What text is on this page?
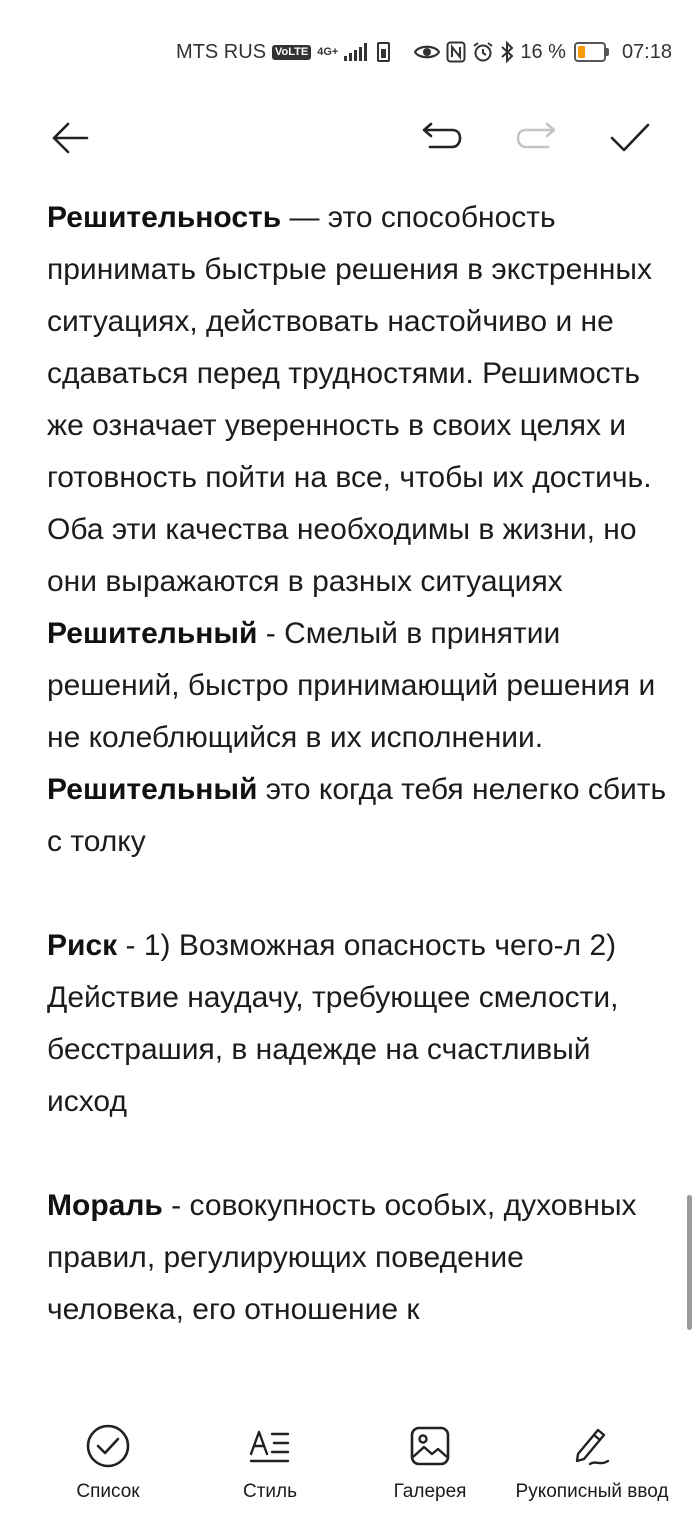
MTS RUS VoLTE 4G+	16 %	07:18

Решительность — это способность принимать быстрые решения в экстренных ситуациях, действовать настойчиво и не сдаваться перед трудностями. Решимость же означает уверенность в своих целях и готовность пойти на все, чтобы их достичь. Оба эти качества необходимы в жизни, но они выражаются в разных ситуациях

Решительный - Смелый в принятии решений, быстро принимающий решения и не колеблющийся в их исполнении.

Решительный это когда тебя нелегко сбить с толку

Риск - 1) Возможная опасность чего-л 2) Действие наудачу, требующее смелости, бесстрашия, в надежде на счастливый исход

Мораль - совокупность особых, духовных правил, регулирующих поведение человека, его отношение к

Список	Стиль	Галерея	Рукописный ввод
